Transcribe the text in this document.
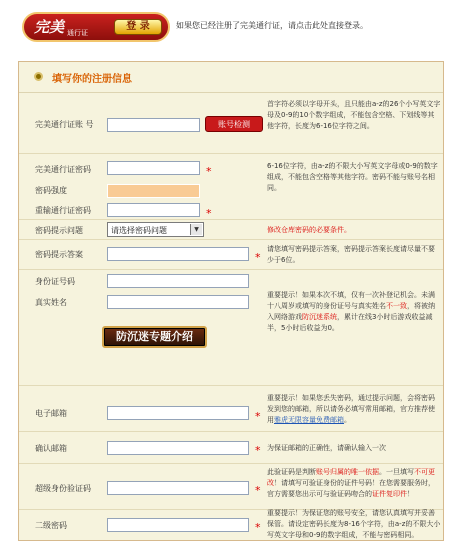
完美 通行证
登 录	如果您已经注册了完美通行证，请点击此处直接登录。
填写你的注册信息
完美通行证账 号	账号检测
首字符必须以字母开头，且只能由a-z的26个小写英文字母及0-9的10个数字组成，不能包含空格、下划线等其他字符，长度为6-16位字符之间。
完美通行证密码	*
密码强度
重输通行证密码	*
6-16位字符，由a-z的不限大小写英文字母或0-9的数字组成，不能包含空格等其他字符。密码不能与账号名相同。
密码提示问题	请选择密码问题	▼	修改仓库密码的必要条件。
密码提示答案	*
请您填写密码提示答案，密码提示答案长度请尽量不要少于6位。
身份证号码
真实姓名
重要提示！如果本次不填，仅有一次补登记机会。未满十八周岁或填写的身份证号与真实姓名不一致，将被纳入网络游戏防沉迷系统，累计在线3小时后游戏收益减半，5小时后收益为0。
防沉迷专题介绍
电子邮箱	*
重要提示！如果您丢失密码，通过提示问题，会将密码发到您的邮箱，所以请务必填写常用邮箱，官方推荐使用雅虎无限容量免费邮箱。
确认邮箱	* 为保证邮箱的正确性，请确认输入一次
超级身份验证码	*
此验证码是判断账号归属的唯一依据。一旦填写不可更改！请填写可验证身份的证件号码！在您需要服务时，官方需要您出示可与验证码吻合的证件复印件！
二级密码	*
重要提示！为保证您的账号安全，请您认真填写并妥善保管。请设定密码长度为8-16个字符，由a-z的不限大小写英文字母和0-9的数字组成，不能与密码相同。
